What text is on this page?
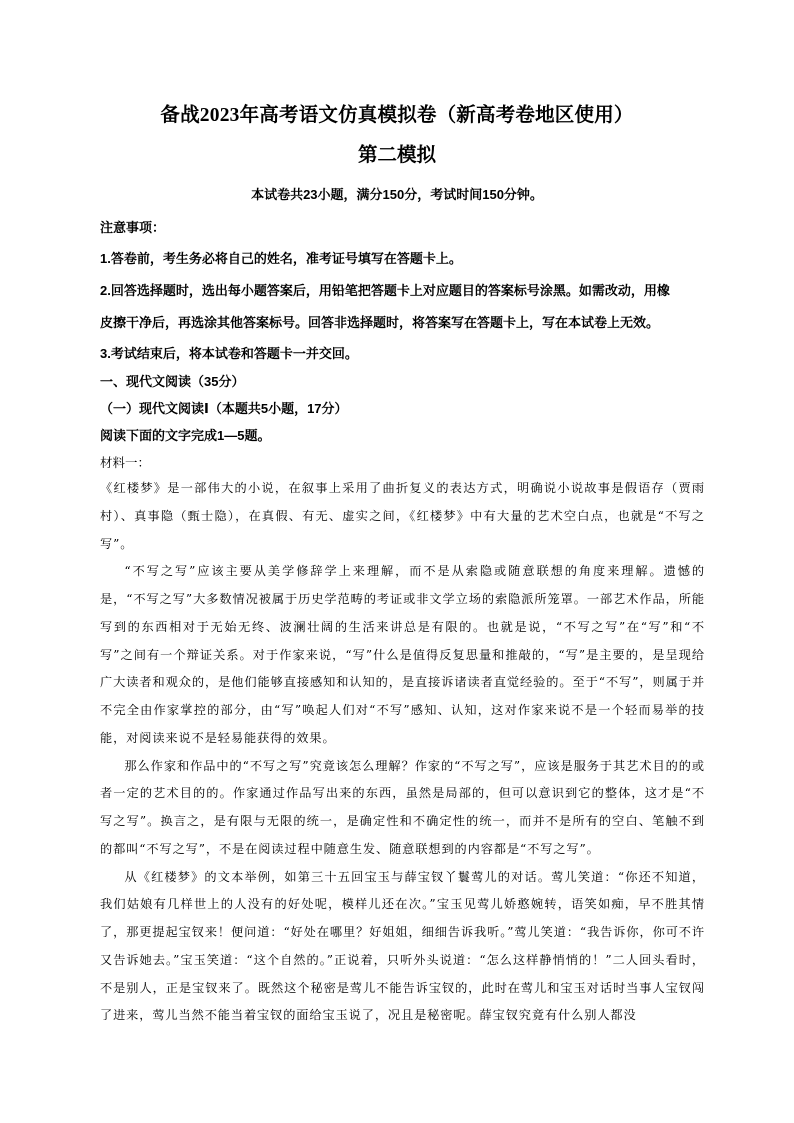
备战2023年高考语文仿真模拟卷（新高考卷地区使用）
第二模拟
本试卷共23小题，满分150分，考试时间150分钟。
注意事项：
1.答卷前，考生务必将自己的姓名，准考证号填写在答题卡上。
2.回答选择题时，选出每小题答案后，用铅笔把答题卡上对应题目的答案标号涂黑。如需改动，用橡
皮擦干净后，再选涂其他答案标号。回答非选择题时，将答案写在答题卡上，写在本试卷上无效。
3.考试结束后，将本试卷和答题卡一并交回。
一、现代文阅读（35分）
（一）现代文阅读Ⅰ（本题共5小题，17分）
阅读下面的文字完成1—5题。
材料一：

《红楼梦》是一部伟大的小说，在叙事上采用了曲折复义的表达方式，明确说小说故事是假语存（贾雨村）、真事隐（甄士隐），在真假、有无、虚实之间，《红楼梦》中有大量的艺术空白点，也就是“不写之写”。

“不写之写”应该主要从美学修辞学上来理解，而不是从索隐或随意联想的角度来理解。遗憾的是，“不写之写”大多数情况被属于历史学范畴的考证或非文学立场的索隐派所笼罩。一部艺术作品，所能写到的东西相对于无始无终、波澜壮阔的生活来讲总是有限的。也就是说，“不写之写”在“写”和“不写”之间有一个辩证关系。对于作家来说，“写”什么是值得反复思量和推敲的，“写”是主要的，是呈现给广大读者和观众的，是他们能够直接感知和认知的，是直接诉诸读者直觉经验的。至于“不写”，则属于并不完全由作家掌控的部分，由“写”唤起人们对“不写”感知、认知，这对作家来说不是一个轻而易举的技能，对阅读来说不是轻易能获得的效果。

那么作家和作品中的“不写之写”究竟该怎么理解？作家的“不写之写”，应该是服务于其艺术目的的或者一定的艺术目的的。作家通过作品写出来的东西，虽然是局部的，但可以意识到它的整体，这才是“不写之写”。换言之，是有限与无限的统一，是确定性和不确定性的统一，而并不是所有的空白、笔触不到的都叫“不写之写”，不是在阅读过程中随意生发、随意联想到的内容都是“不写之写”。

从《红楼梦》的文本举例，如第三十五回宝玉与薛宝钗丫鬟莺儿的对话。莺儿笑道：“你还不知道，我们姑娘有几样世上的人没有的好处呢，模样儿还在次。”宝玉见莺儿娇憨婉转，语笑如痴，早不胜其情了，那更提起宝钗来！便问道：“好处在哪里？好姐姐，细细告诉我听。”莺儿笑道：“我告诉你，你可不许又告诉她去。”宝玉笑道：“这个自然的。”正说着，只听外头说道：“怎么这样静悄悄的！”二人回头看时，不是别人，正是宝钗来了。既然这个秘密是莺儿不能告诉宝钗的，此时在莺儿和宝玉对话时当事人宝钗闯了进来，莺儿当然不能当着宝钗的面给宝玉说了，况且是秘密呢。薛宝钗究竟有什么别人都没
